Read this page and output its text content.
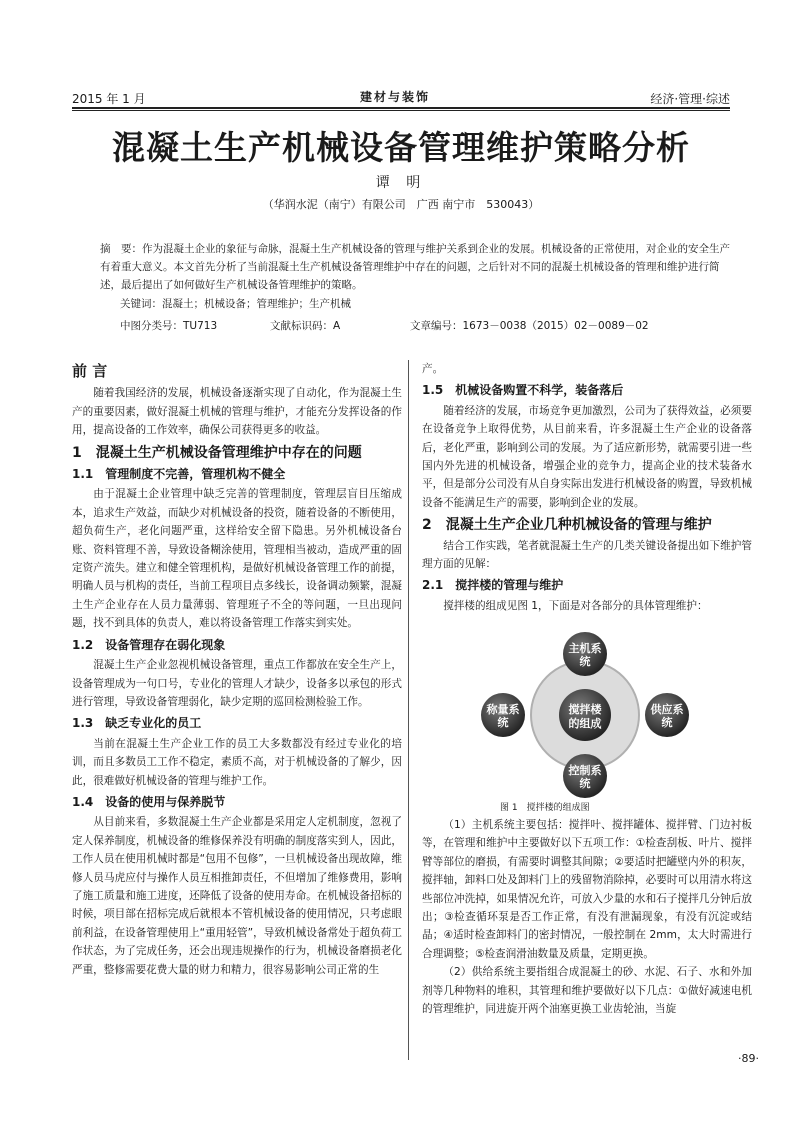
2015 年 1 月	建材与装饰	经济·管理·综述
混凝土生产机械设备管理维护策略分析
谭 明
（华润水泥（南宁）有限公司　广西 南宁市　530043）

摘　要：作为混凝土企业的象征与命脉，混凝土生产机械设备的管理与维护关系到企业的发展。机械设备的正常使用，对企业的安全生产有着重大意义。本文首先分析了当前混凝土生产机械设备管理维护中存在的问题，之后针对不同的混凝土机械设备的管理和维护进行简述，最后提出了如何做好生产机械设备管理维护的策略。

关键词：混凝土；机械设备；管理维护；生产机械
中图分类号：TU713	文献标识码：A	文章编号：1673－0038（2015）02－0089－02
前 言

随着我国经济的发展，机械设备逐渐实现了自动化，作为混凝土生产的重要因素，做好混凝土机械的管理与维护，才能充分发挥设备的作用，提高设备的工作效率，确保公司获得更多的收益。

1　混凝土生产机械设备管理维护中存在的问题
1.1　管理制度不完善，管理机构不健全

由于混凝土企业管理中缺乏完善的管理制度，管理层盲目压缩成本，追求生产效益，而缺少对机械设备的投资，随着设备的不断使用，超负荷生产，老化问题严重，这样给安全留下隐患。另外机械设备台账、资料管理不善，导致设备糊涂使用，管理相当被动，造成严重的固定资产流失。建立和健全管理机构，是做好机械设备管理工作的前提，明确人员与机构的责任，当前工程项目点多线长，设备调动频繁，混凝土生产企业存在人员力量薄弱、管理班子不全的等问题，一旦出现问题，找不到具体的负责人，难以将设备管理工作落实到实处。

1.2　设备管理存在弱化现象

混凝土生产企业忽视机械设备管理，重点工作都放在安全生产上，设备管理成为一句口号，专业化的管理人才缺少，设备多以承包的形式进行管理，导致设备管理弱化，缺少定期的巡回检测检验工作。

1.3　缺乏专业化的员工

当前在混凝土生产企业工作的员工大多数都没有经过专业化的培训，而且多数员工工作不稳定，素质不高，对于机械设备的了解少，因此，很难做好机械设备的管理与维护工作。

1.4　设备的使用与保养脱节

从目前来看，多数混凝土生产企业都是采用定人定机制度，忽视了定人保养制度，机械设备的维修保养没有明确的制度落实到人，因此，工作人员在使用机械时都是“包用不包修”，一旦机械设备出现故障，维修人员马虎应付与操作人员互相推卸责任，不但增加了维修费用，影响了施工质量和施工进度，还降低了设备的使用寿命。在机械设备招标的时候，项目部在招标完成后就根本不管机械设备的使用情况，只考虑眼前利益，在设备管理使用上“重用轻管”，导致机械设备常处于超负荷工作状态，为了完成任务，还会出现违规操作的行为，机械设备磨损老化严重，整修需要花费大量的财力和精力，很容易影响公司正常的生

产。

1.5　机械设备购置不科学，装备落后

随着经济的发展，市场竞争更加激烈，公司为了获得效益，必须要在设备竞争上取得优势，从目前来看，许多混凝土生产企业的设备落后，老化严重，影响到公司的发展。为了适应新形势，就需要引进一些国内外先进的机械设备，增强企业的竞争力，提高企业的技术装备水平，但是部分公司没有从自身实际出发进行机械设备的购置，导致机械设备不能满足生产的需要，影响到企业的发展。

2　混凝土生产企业几种机械设备的管理与维护

结合工作实践，笔者就混凝土生产的几类关键设备提出如下维护管理方面的见解：

2.1　搅拌楼的管理与维护

搅拌楼的组成见图 1，下面是对各部分的具体管理维护：

主机系
统
称量系
统
搅拌楼
的组成
供应系
统
控制系
统
图 1　搅拌楼的组成图

（1）主机系统主要包括：搅拌叶、搅拌罐体、搅拌臂、门边衬板等，在管理和维护中主要做好以下五项工作：①检查刮板、叶片、搅拌臂等部位的磨损，有需要时调整其间隙；②要适时把罐壁内外的积灰，搅拌轴，卸料口处及卸料门上的残留物消除掉，必要时可以用清水将这些部位冲洗掉，如果情况允许，可放入少量的水和石子搅拌几分钟后放出；③检查循环泵是否工作正常，有没有泄漏现象，有没有沉淀或结晶；④适时检查卸料门的密封情况，一般控制在 2mm，太大时需进行合理调整；⑤检查润滑油数量及质量，定期更换。

（2）供给系统主要指组合成混凝土的砂、水泥、石子、水和外加剂等几种物料的堆积，其管理和维护要做好以下几点：①做好减速电机的管理维护，同进旋开两个油塞更换工业齿轮油，当旋

·89·
